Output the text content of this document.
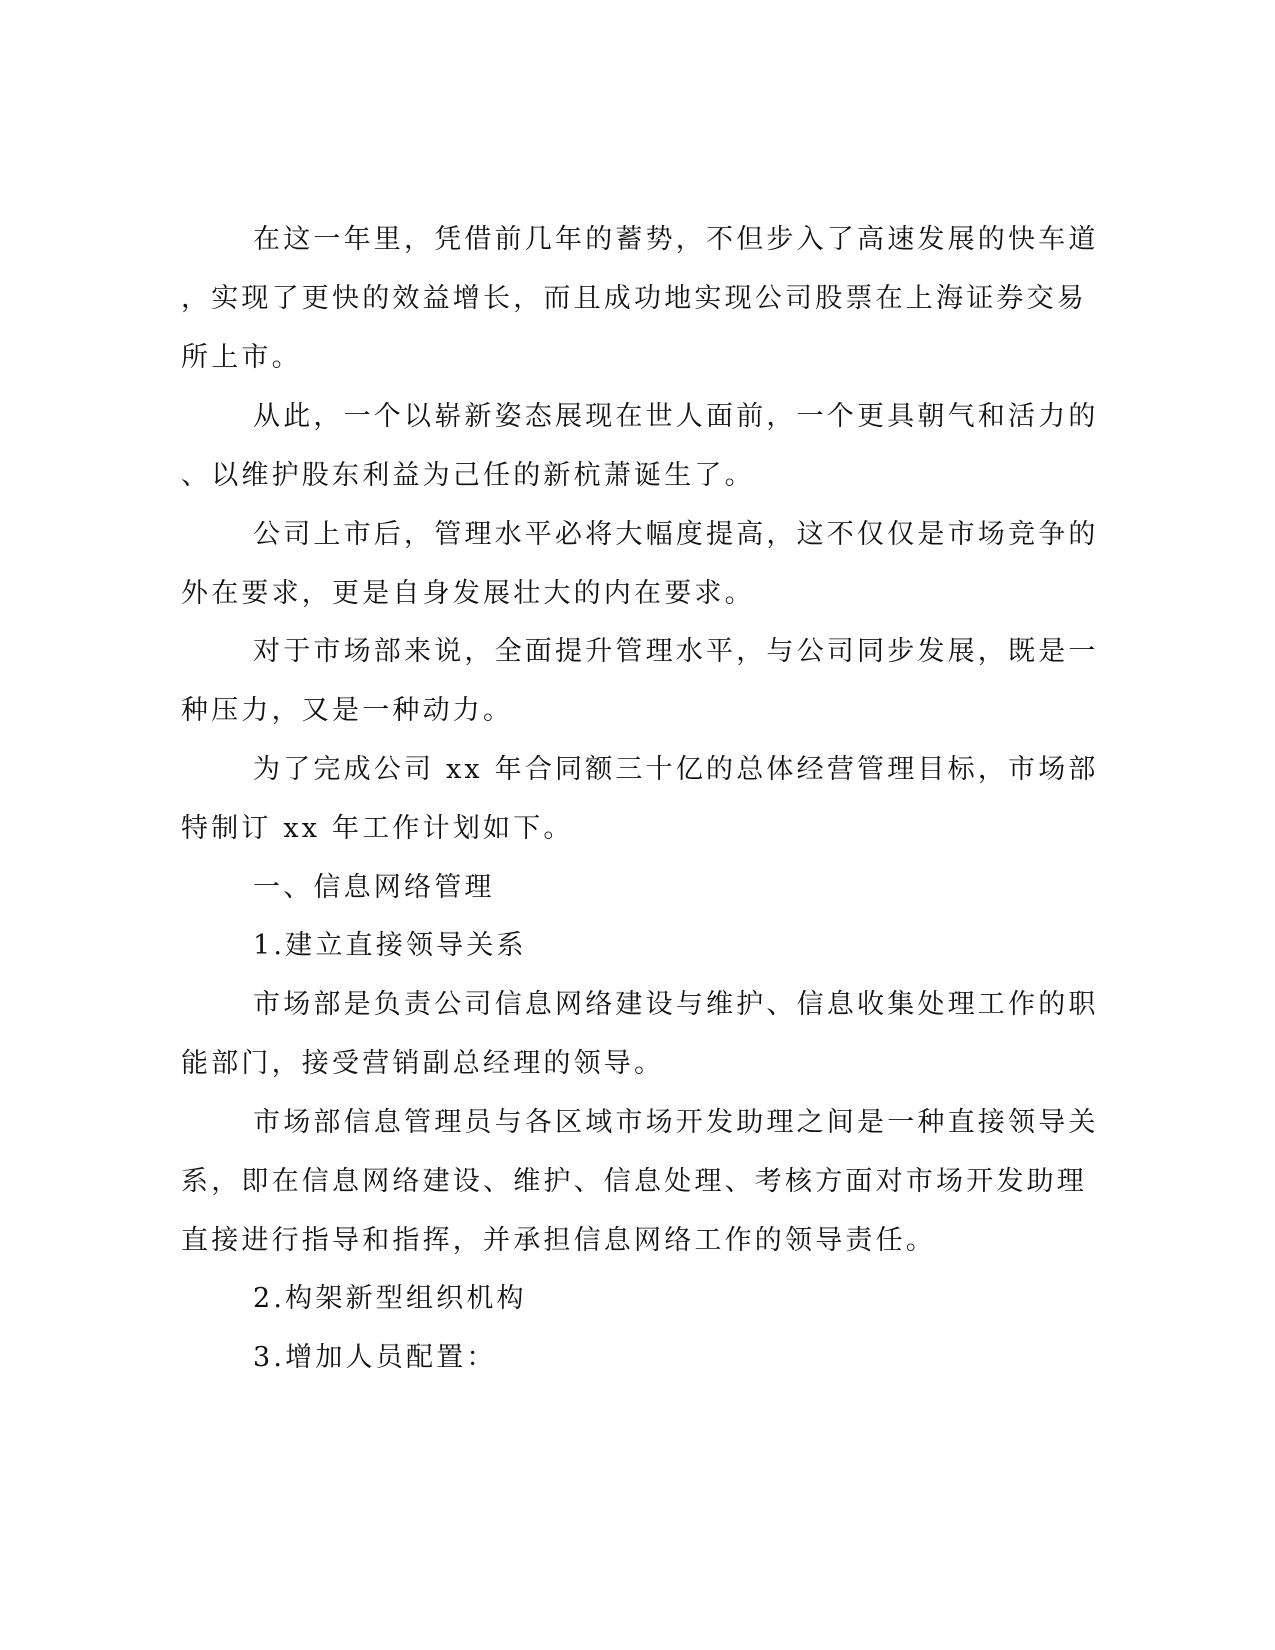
在这一年里，凭借前几年的蓄势，不但步入了高速发展的快车道
，实现了更快的效益增长，而且成功地实现公司股票在上海证券交易
所上市。
从此，一个以崭新姿态展现在世人面前，一个更具朝气和活力的
、以维护股东利益为己任的新杭萧诞生了。
公司上市后，管理水平必将大幅度提高，这不仅仅是市场竞争的
外在要求，更是自身发展壮大的内在要求。
对于市场部来说，全面提升管理水平，与公司同步发展，既是一
种压力，又是一种动力。
为了完成公司 xx 年合同额三十亿的总体经营管理目标，市场部
特制订 xx 年工作计划如下。
一、信息网络管理
1.建立直接领导关系
市场部是负责公司信息网络建设与维护、信息收集处理工作的职
能部门，接受营销副总经理的领导。
市场部信息管理员与各区域市场开发助理之间是一种直接领导关
系，即在信息网络建设、维护、信息处理、考核方面对市场开发助理
直接进行指导和指挥，并承担信息网络工作的领导责任。
2.构架新型组织机构
3.增加人员配置：
